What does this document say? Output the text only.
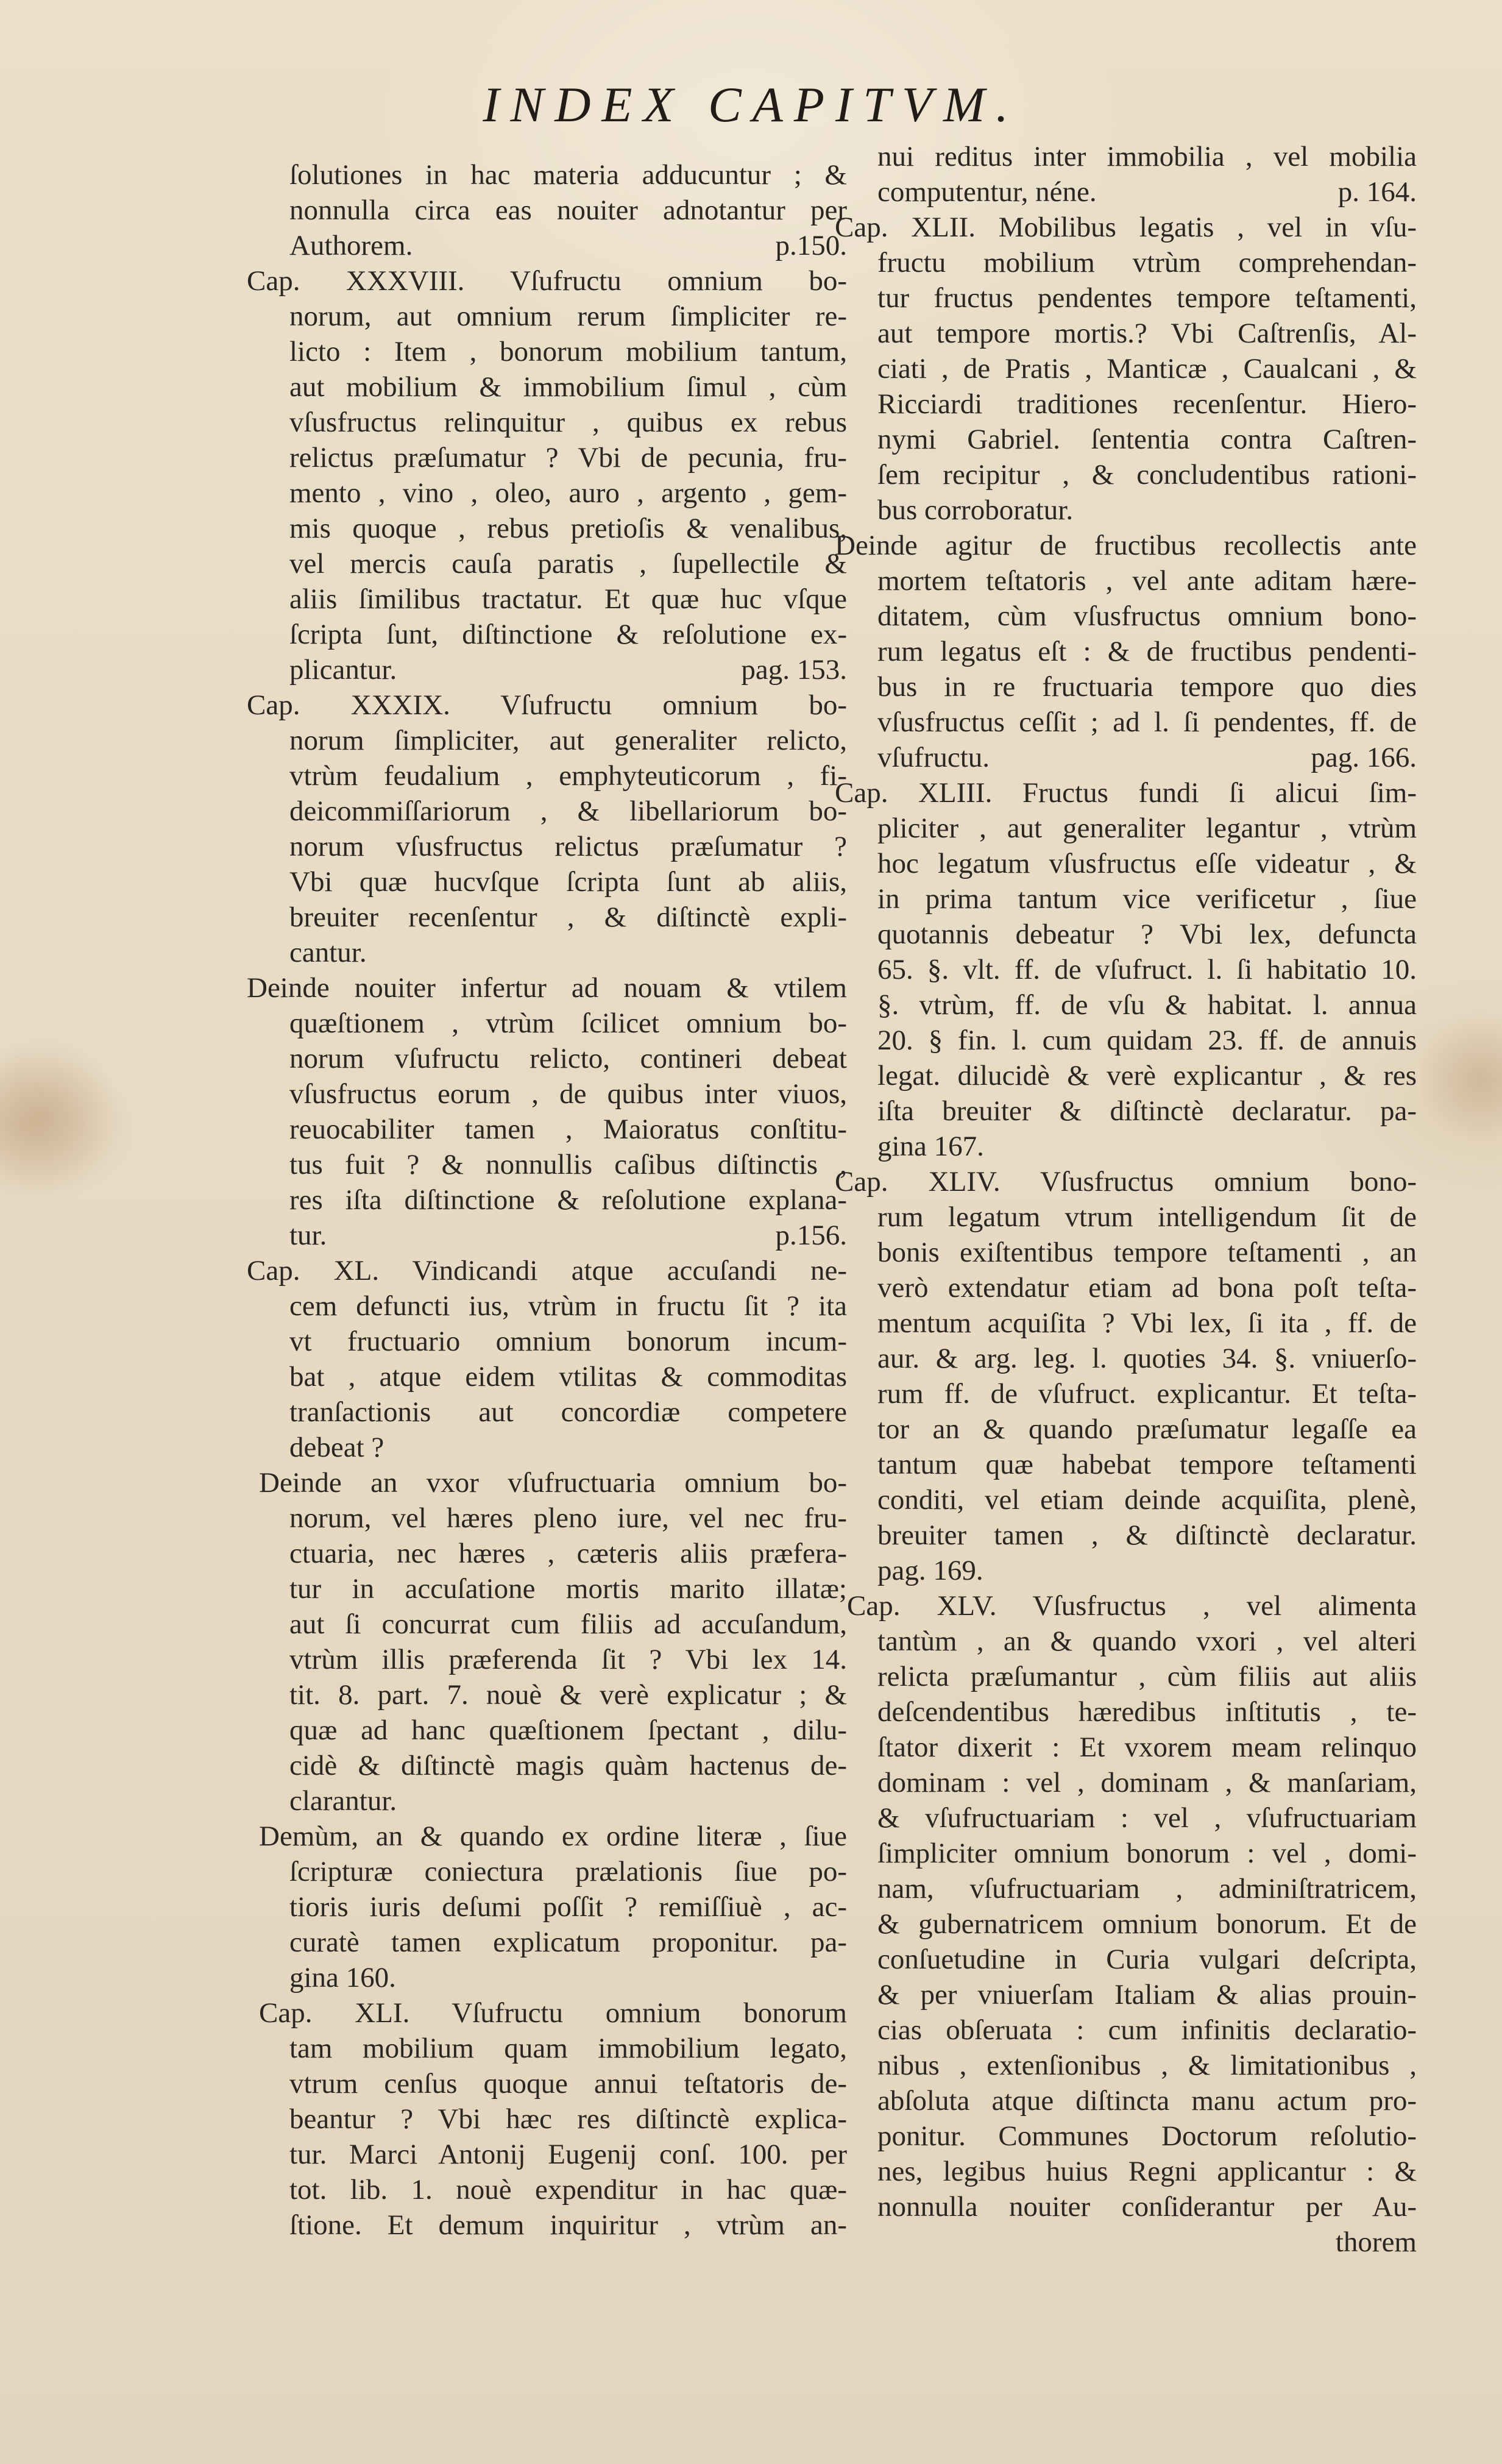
INDEX CAPITVM.
ſolutiones in hac materia adducuntur ; &
nonnulla circa eas nouiter adnotantur per
Authorem.	p.150.
Cap. XXXVIII. Vſufructu omnium bo-
norum, aut omnium rerum ſimpliciter re-
licto : Item , bonorum mobilium tantum,
aut mobilium & immobilium ſimul , cùm
vſusfructus relinquitur , quibus ex rebus
relictus præſumatur ? Vbi de pecunia, fru-
mento , vino , oleo, auro , argento , gem-
mis quoque , rebus pretioſis & venalibus,
vel mercis cauſa paratis , ſupellectile &
aliis ſimilibus tractatur. Et quæ huc vſque
ſcripta ſunt, diſtinctione & reſolutione ex-
plicantur.	pag. 153.
Cap. XXXIX. Vſufructu omnium bo-
norum ſimpliciter, aut generaliter relicto,
vtrùm feudalium , emphyteuticorum , fi-
deicommiſſariorum , & libellariorum bo-
norum vſusfructus relictus præſumatur ?
Vbi quæ hucvſque ſcripta ſunt ab aliis,
breuiter recenſentur , & diſtinctè expli-
cantur.
Deinde nouiter infertur ad nouam & vtilem
quæſtionem , vtrùm ſcilicet omnium bo-
norum vſufructu relicto, contineri debeat
vſusfructus eorum , de quibus inter viuos,
reuocabiliter tamen , Maioratus conſtitu-
tus fuit ? & nonnullis caſibus diſtinctis ,
res iſta diſtinctione & reſolutione explana-
tur.	p.156.
Cap. XL. Vindicandi atque accuſandi ne-
cem defuncti ius, vtrùm in fructu ſit ? ita
vt fructuario omnium bonorum incum-
bat , atque eidem vtilitas & commoditas
tranſactionis aut concordiæ competere
debeat ?
Deinde an vxor vſufructuaria omnium bo-
norum, vel hæres pleno iure, vel nec fru-
ctuaria, nec hæres , cæteris aliis præfera-
tur in accuſatione mortis marito illatæ;
aut ſi concurrat cum filiis ad accuſandum,
vtrùm illis præferenda ſit ? Vbi lex 14.
tit. 8. part. 7. nouè & verè explicatur ; &
quæ ad hanc quæſtionem ſpectant , dilu-
cidè & diſtinctè magis quàm hactenus de-
clarantur.
Demùm, an & quando ex ordine literæ , ſiue
ſcripturæ coniectura prælationis ſiue po-
tioris iuris deſumi poſſit ? remiſſiuè , ac-
curatè tamen explicatum proponitur. pa-
gina 160.
Cap. XLI. Vſufructu omnium bonorum
tam mobilium quam immobilium legato,
vtrum cenſus quoque annui teſtatoris de-
beantur ? Vbi hæc res diſtinctè explica-
tur. Marci Antonij Eugenij conſ. 100. per
tot. lib. 1. nouè expenditur in hac quæ-
ſtione. Et demum inquiritur , vtrùm an-
nui reditus inter immobilia , vel mobilia
computentur, néne.	p. 164.
Cap. XLII. Mobilibus legatis , vel in vſu-
fructu mobilium vtrùm comprehendan-
tur fructus pendentes tempore teſtamenti,
aut tempore mortis.? Vbi Caſtrenſis, Al-
ciati , de Pratis , Manticæ , Caualcani , &
Ricciardi traditiones recenſentur. Hiero-
nymi Gabriel. ſententia contra Caſtren-
ſem recipitur , & concludentibus rationi-
bus corroboratur.
Deinde agitur de fructibus recollectis ante
mortem teſtatoris , vel ante aditam hære-
ditatem, cùm vſusfructus omnium bono-
rum legatus eſt : & de fructibus pendenti-
bus in re fructuaria tempore quo dies
vſusfructus ceſſit ; ad l. ſi pendentes, ff. de
vſufructu.	pag. 166.
Cap. XLIII. Fructus fundi ſi alicui ſim-
pliciter , aut generaliter legantur , vtrùm
hoc legatum vſusfructus eſſe videatur , &
in prima tantum vice verificetur , ſiue
quotannis debeatur ? Vbi lex, defuncta
65. §. vlt. ff. de vſufruct. l. ſi habitatio 10.
§. vtrùm, ff. de vſu & habitat. l. annua
20. § fin. l. cum quidam 23. ff. de annuis
legat. dilucidè & verè explicantur , & res
iſta breuiter & diſtinctè declaratur. pa-
gina 167.
Cap. XLIV. Vſusfructus omnium bono-
rum legatum vtrum intelligendum ſit de
bonis exiſtentibus tempore teſtamenti , an
verò extendatur etiam ad bona poſt teſta-
mentum acquiſita ? Vbi lex, ſi ita , ff. de
aur. & arg. leg. l. quoties 34. §. vniuerſo-
rum ff. de vſufruct. explicantur. Et teſta-
tor an & quando præſumatur legaſſe ea
tantum quæ habebat tempore teſtamenti
conditi, vel etiam deinde acquiſita, plenè,
breuiter tamen , & diſtinctè declaratur.
pag. 169.
Cap. XLV. Vſusfructus , vel alimenta
tantùm , an & quando vxori , vel alteri
relicta præſumantur , cùm filiis aut aliis
deſcendentibus hæredibus inſtitutis , te-
ſtator dixerit : Et vxorem meam relinquo
dominam : vel , dominam , & manſariam,
& vſufructuariam : vel , vſufructuariam
ſimpliciter omnium bonorum : vel , domi-
nam, vſufructuariam , adminiſtratricem,
& gubernatricem omnium bonorum. Et de
conſuetudine in Curia vulgari deſcripta,
& per vniuerſam Italiam & alias prouin-
cias obſeruata : cum infinitis declaratio-
nibus , extenſionibus , & limitationibus ,
abſoluta atque diſtincta manu actum pro-
ponitur. Communes Doctorum reſolutio-
nes, legibus huius Regni applicantur : &
nonnulla nouiter conſiderantur per Au-
thorem
